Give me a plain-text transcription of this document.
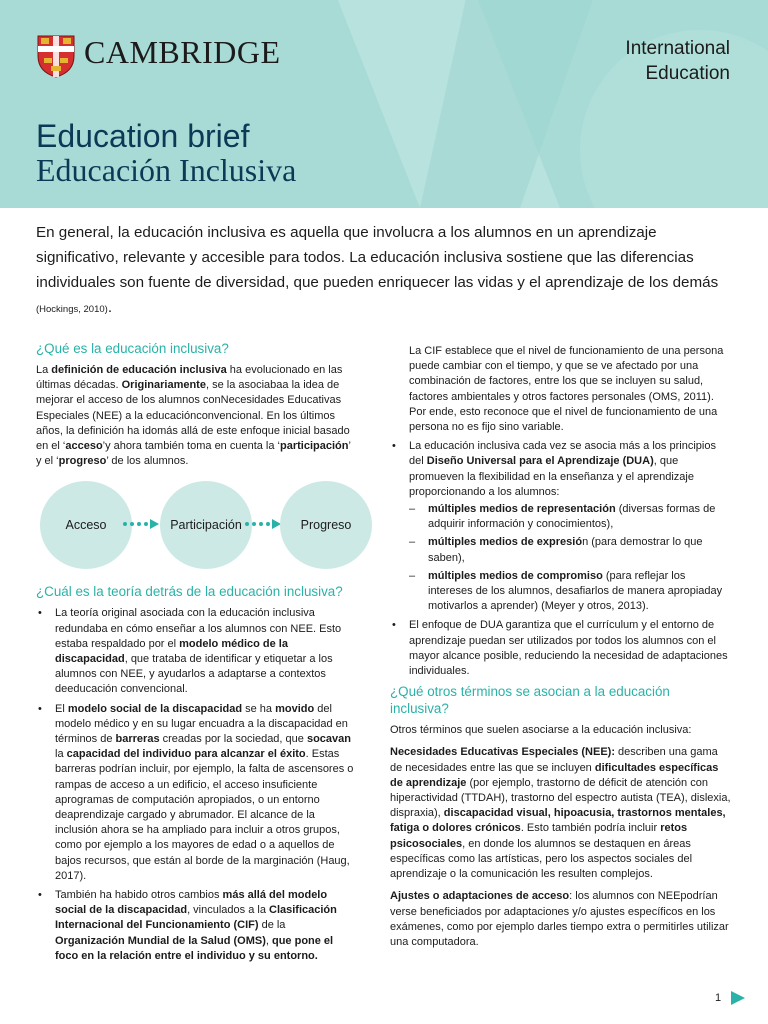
CAMBRIDGE	International
Education
Education brief
Educación Inclusiva
En general, la educación inclusiva es aquella que involucra a los alumnos en un aprendizaje significativo, relevante y accesible para todos. La educación inclusiva sostiene que las diferencias individuales son fuente de diversidad, que pueden enriquecer las vidas y el aprendizaje de los demás (Hockings, 2010).
¿Qué es la educación inclusiva?

La definición de educación inclusiva ha evolucionado en las últimas décadas. Originariamente, se la asociabaa la idea de mejorar el acceso de los alumnos conNecesidades Educativas Especiales (NEE) a la educaciónconvencional. En los últimos años, la definición ha idomás allá de este enfoque inicial basado en el ‘acceso’y ahora también toma en cuenta la ‘participación’ y el ‘progreso’ de los alumnos.

Acceso	Participación	Progreso
¿Cuál es la teoría detrás de la educación inclusiva?
• La teoría original asociada con la educación inclusiva redundaba en cómo enseñar a los alumnos con NEE. Esto estaba respaldado por el modelo médico de la discapacidad, que trataba de identificar y etiquetar a los alumnos con NEE, y ayudarlos a adaptarse a contextos deeducación convencional.
• El modelo social de la discapacidad se ha movido del modelo médico y en su lugar encuadra a la discapacidad en términos de barreras creadas por la sociedad, que socavan la capacidad del individuo para alcanzar el éxito. Estas barreras podrían incluir, por ejemplo, la falta de ascensores o rampas de acceso a un edificio, el acceso insuficiente aprogramas de computación apropiados, o un entorno deaprendizaje cargado y abrumador. El alcance de la inclusión ahora se ha ampliado para incluir a otros grupos, como por ejemplo a los mayores de edad o a aquellos de bajos recursos, que están al borde de la marginación (Haug, 2017).
• También ha habido otros cambios más allá del modelo social de la discapacidad, vinculados a la Clasificación Internacional del Funcionamiento (CIF) de la Organización Mundial de la Salud (OMS), que pone el foco en la relación entre el individuo y su entorno.

La CIF establece que el nivel de funcionamiento de una persona puede cambiar con el tiempo, y que se ve afectado por una combinación de factores, entre los que se incluyen su salud, factores ambientales y otros factores personales (OMS, 2011). Por ende, esto reconoce que el nivel de funcionamiento de una persona no es fijo sino variable.

• La educación inclusiva cada vez se asocia más a los principios del Diseño Universal para el Aprendizaje (DUA), que promueven la flexibilidad en la enseñanza y el aprendizaje proporcionando a los alumnos:
– múltiples medios de representación (diversas formas de adquirir información y conocimientos),
– múltiples medios de expresión (para demostrar lo que saben),
– múltiples medios de compromiso (para reflejar los intereses de los alumnos, desafiarlos de manera apropiaday motivarlos a aprender) (Meyer y otros, 2013).
• El enfoque de DUA garantiza que el currículum y el entorno de aprendizaje puedan ser utilizados por todos los alumnos con el mayor alcance posible, reduciendo la necesidad de adaptaciones individuales.
¿Qué otros términos se asocian a la educación inclusiva?

Otros términos que suelen asociarse a la educación inclusiva:

Necesidades Educativas Especiales (NEE): describen una gama de necesidades entre las que se incluyen dificultades específicas de aprendizaje (por ejemplo, trastorno de déficit de atención con hiperactividad (TTDAH), trastorno del espectro autista (TEA), dislexia, dispraxia), discapacidad visual, hipoacusia, trastornos mentales, fatiga o dolores crónicos. Esto también podría incluir retos psicosociales, en donde los alumnos se destaquen en áreas específicas como las artísticas, pero los aspectos sociales del aprendizaje o la comunicación les resulten complejos.

Ajustes o adaptaciones de acceso: los alumnos con NEEpodrían verse beneficiados por adaptaciones y/o ajustes específicos en los exámenes, como por ejemplo darles tiempo extra o permitirles utilizar una computadora.

1
